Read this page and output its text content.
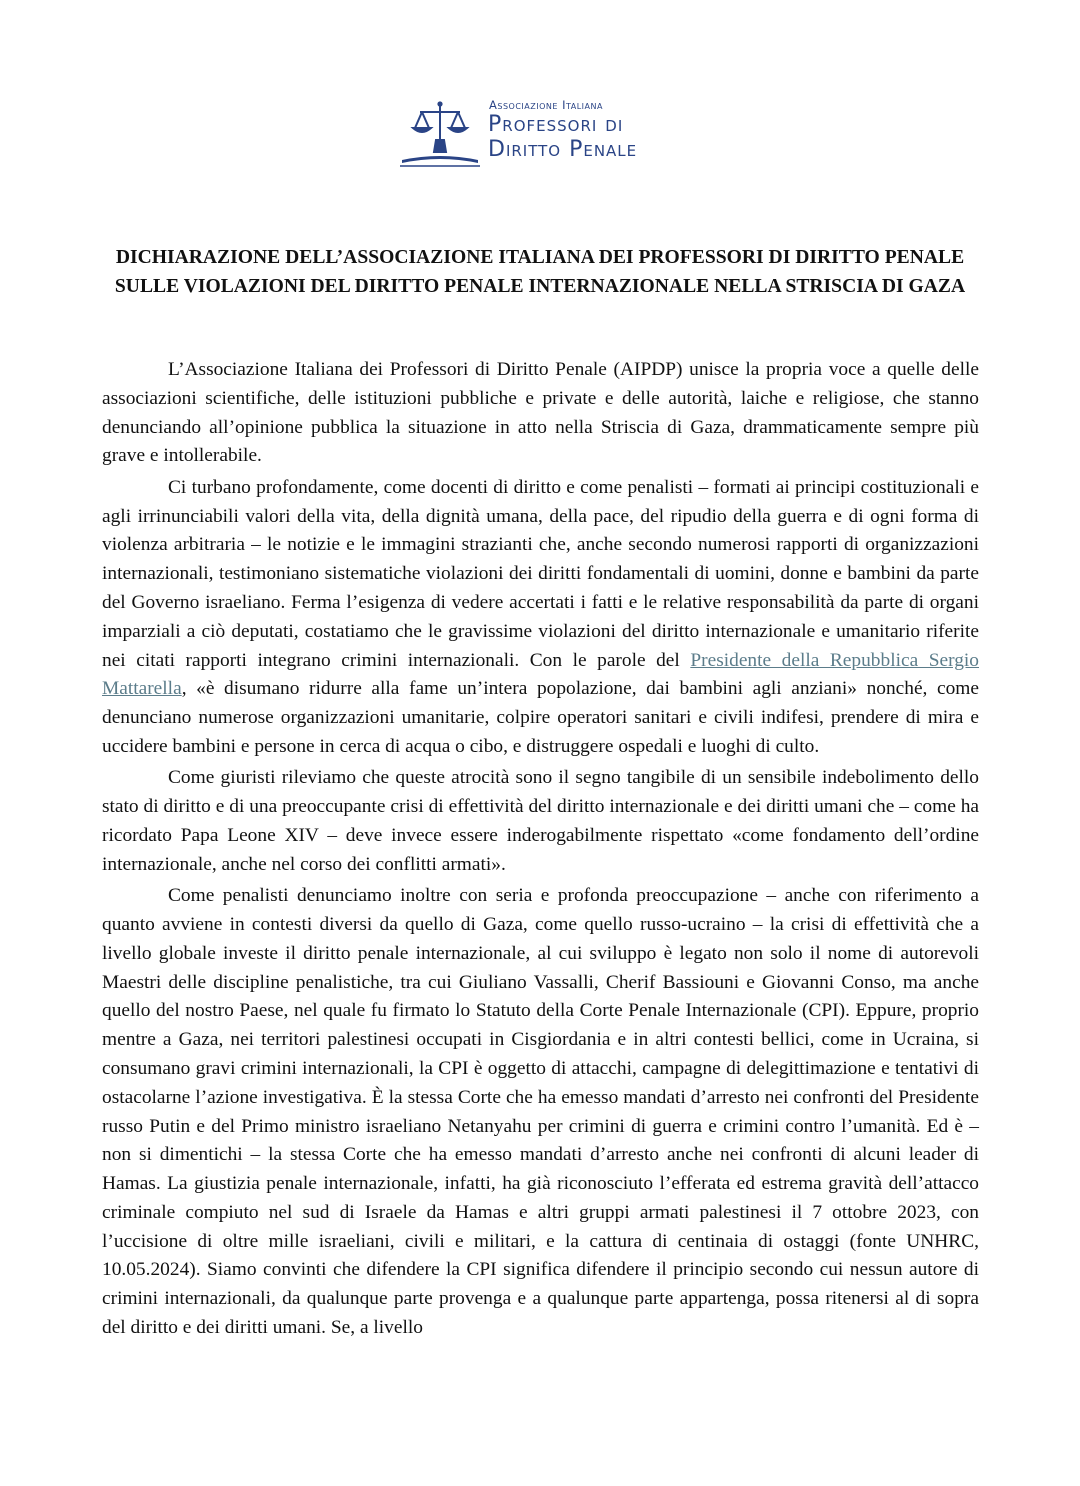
Associazione Italiana
Professori di
Diritto Penale
DICHIARAZIONE DELL’ASSOCIAZIONE ITALIANA DEI PROFESSORI DI DIRITTO PENALE SULLE VIOLAZIONI DEL DIRITTO PENALE INTERNAZIONALE NELLA STRISCIA DI GAZA

L’Associazione Italiana dei Professori di Diritto Penale (AIPDP) unisce la propria voce a quelle delle associazioni scientifiche, delle istituzioni pubbliche e private e delle autorità, laiche e religiose, che stanno denunciando all’opinione pubblica la situazione in atto nella Striscia di Gaza, drammaticamente sempre più grave e intollerabile.

Ci turbano profondamente, come docenti di diritto e come penalisti – formati ai principi costituzionali e agli irrinunciabili valori della vita, della dignità umana, della pace, del ripudio della guerra e di ogni forma di violenza arbitraria – le notizie e le immagini strazianti che, anche secondo numerosi rapporti di organizzazioni internazionali, testimoniano sistematiche violazioni dei diritti fondamentali di uomini, donne e bambini da parte del Governo israeliano. Ferma l’esigenza di vedere accertati i fatti e le relative responsabilità da parte di organi imparziali a ciò deputati, costatiamo che le gravissime violazioni del diritto internazionale e umanitario riferite nei citati rapporti integrano crimini internazionali. Con le parole del Presidente della Repubblica Sergio Mattarella, «è disumano ridurre alla fame un’intera popolazione, dai bambini agli anziani» nonché, come denunciano numerose organizzazioni umanitarie, colpire operatori sanitari e civili indifesi, prendere di mira e uccidere bambini e persone in cerca di acqua o cibo, e distruggere ospedali e luoghi di culto.

Come giuristi rileviamo che queste atrocità sono il segno tangibile di un sensibile indebolimento dello stato di diritto e di una preoccupante crisi di effettività del diritto internazionale e dei diritti umani che – come ha ricordato Papa Leone XIV – deve invece essere inderogabilmente rispettato «come fondamento dell’ordine internazionale, anche nel corso dei conflitti armati».

Come penalisti denunciamo inoltre con seria e profonda preoccupazione – anche con riferimento a quanto avviene in contesti diversi da quello di Gaza, come quello russo-ucraino – la crisi di effettività che a livello globale investe il diritto penale internazionale, al cui sviluppo è legato non solo il nome di autorevoli Maestri delle discipline penalistiche, tra cui Giuliano Vassalli, Cherif Bassiouni e Giovanni Conso, ma anche quello del nostro Paese, nel quale fu firmato lo Statuto della Corte Penale Internazionale (CPI). Eppure, proprio mentre a Gaza, nei territori palestinesi occupati in Cisgiordania e in altri contesti bellici, come in Ucraina, si consumano gravi crimini internazionali, la CPI è oggetto di attacchi, campagne di delegittimazione e tentativi di ostacolarne l’azione investigativa. È la stessa Corte che ha emesso mandati d’arresto nei confronti del Presidente russo Putin e del Primo ministro israeliano Netanyahu per crimini di guerra e crimini contro l’umanità. Ed è – non si dimentichi – la stessa Corte che ha emesso mandati d’arresto anche nei confronti di alcuni leader di Hamas. La giustizia penale internazionale, infatti, ha già riconosciuto l’efferata ed estrema gravità dell’attacco criminale compiuto nel sud di Israele da Hamas e altri gruppi armati palestinesi il 7 ottobre 2023, con l’uccisione di oltre mille israeliani, civili e militari, e la cattura di centinaia di ostaggi (fonte UNHRC, 10.05.2024). Siamo convinti che difendere la CPI significa difendere il principio secondo cui nessun autore di crimini internazionali, da qualunque parte provenga e a qualunque parte appartenga, possa ritenersi al di sopra del diritto e dei diritti umani. Se, a livello
